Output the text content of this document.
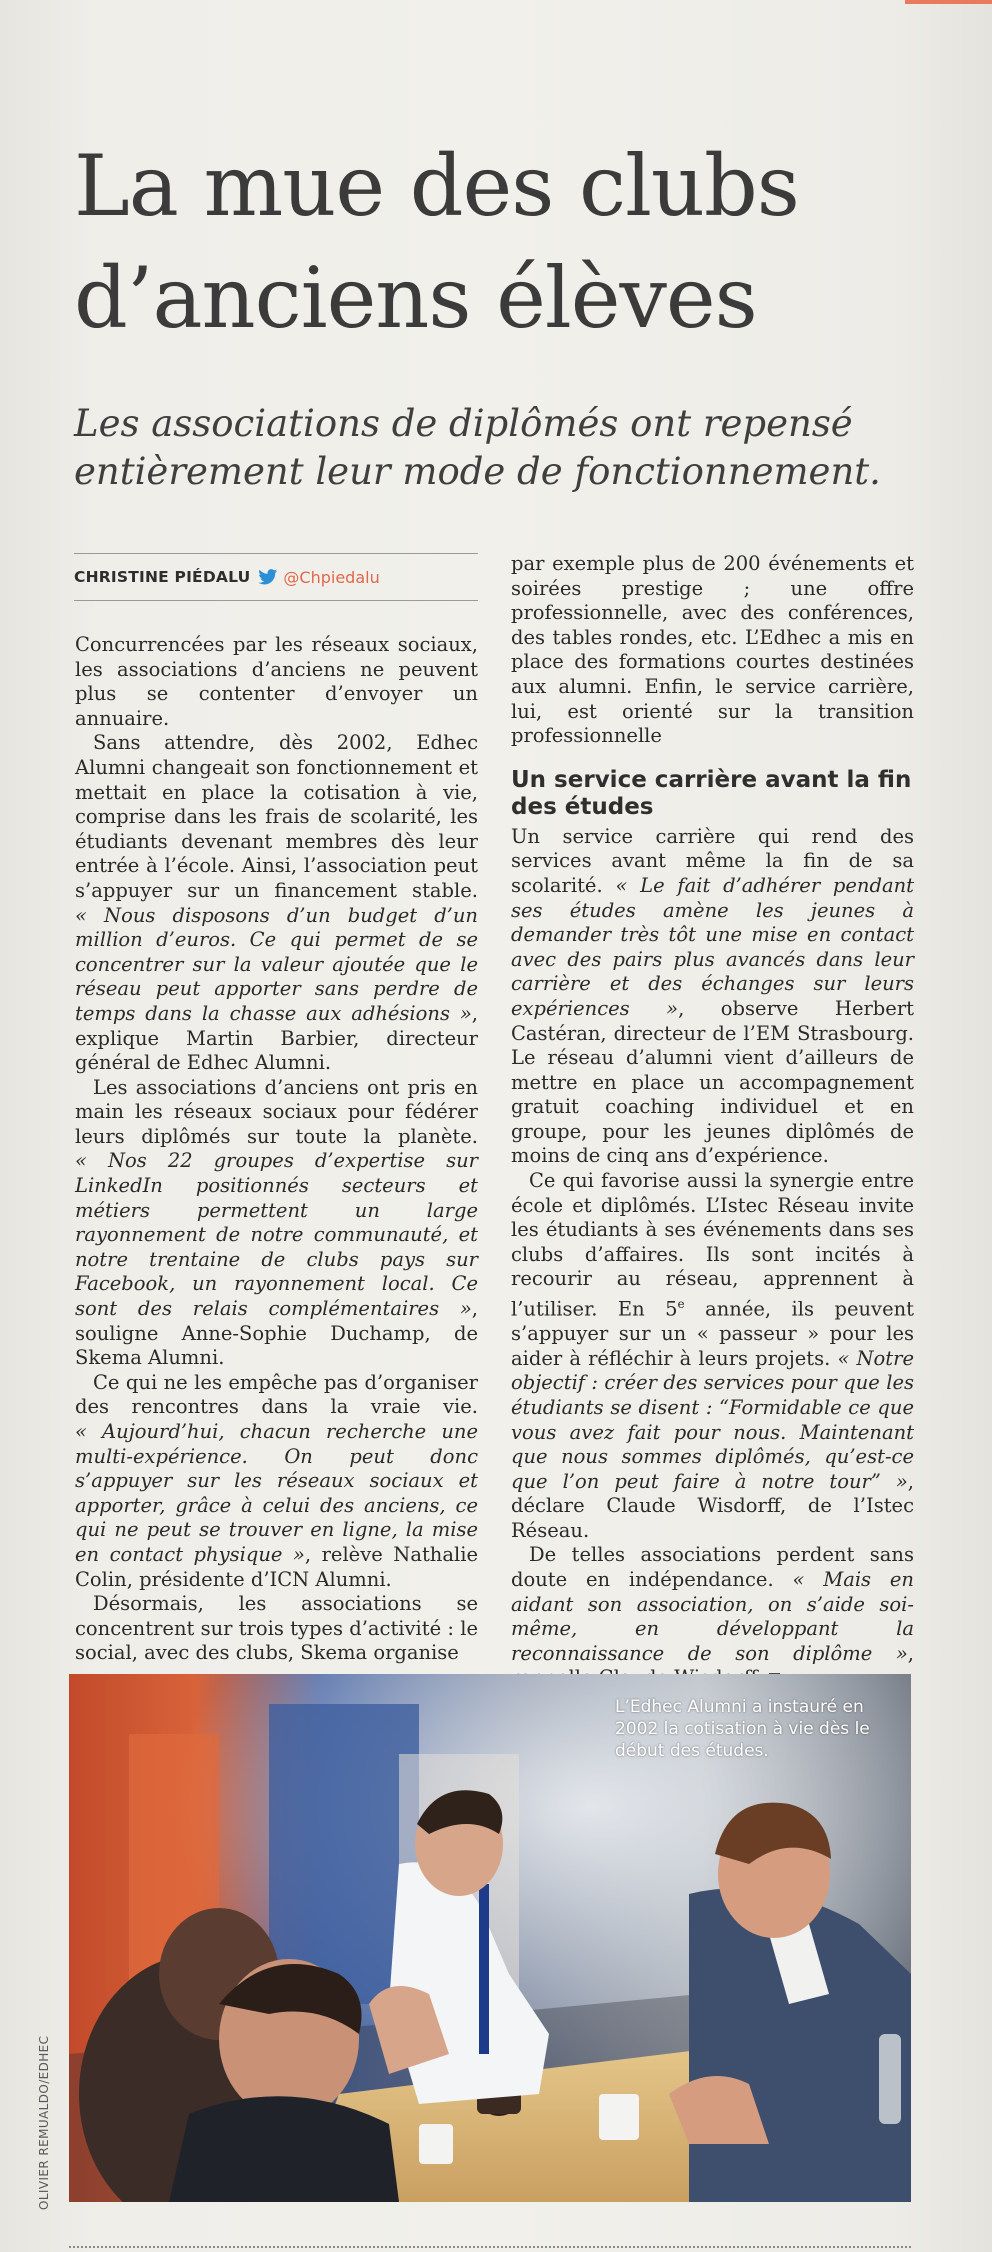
La mue des clubs d’anciens élèves

Les associations de diplômés ont repensé entièrement leur mode de fonctionnement.

CHRISTINE PIÉDALU @Chpiedalu

Concurrencées par les réseaux sociaux, les associations d’anciens ne peuvent plus se contenter d’envoyer un annuaire.

Sans attendre, dès 2002, Edhec Alumni changeait son fonctionnement et mettait en place la cotisation à vie, comprise dans les frais de scolarité, les étudiants devenant membres dès leur entrée à l’école. Ainsi, l’association peut s’appuyer sur un financement stable. « Nous disposons d’un budget d’un million d’euros. Ce qui permet de se concentrer sur la valeur ajoutée que le réseau peut apporter sans perdre de temps dans la chasse aux adhésions », explique Martin Barbier, directeur général de Edhec Alumni.

Les associations d’anciens ont pris en main les réseaux sociaux pour fédérer leurs diplômés sur toute la planète. « Nos 22 groupes d’expertise sur LinkedIn positionnés secteurs et métiers permettent un large rayonnement de notre communauté, et notre trentaine de clubs pays sur Facebook, un rayonnement local. Ce sont des relais complémentaires », souligne Anne-Sophie Duchamp, de Skema Alumni.

Ce qui ne les empêche pas d’organiser des rencontres dans la vraie vie. « Aujourd’hui, chacun recherche une multi-expérience. On peut donc s’appuyer sur les réseaux sociaux et apporter, grâce à celui des anciens, ce qui ne peut se trouver en ligne, la mise en contact physique », relève Nathalie Colin, présidente d’ICN Alumni.

Désormais, les associations se concentrent sur trois types d’activité : le social, avec des clubs, Skema organise

par exemple plus de 200 événements et soirées prestige ; une offre professionnelle, avec des conférences, des tables rondes, etc. L’Edhec a mis en place des formations courtes destinées aux alumni. Enfin, le service carrière, lui, est orienté sur la transition professionnelle

Un service carrière avant la fin des études

Un service carrière qui rend des services avant même la fin de sa scolarité. « Le fait d’adhérer pendant ses études amène les jeunes à demander très tôt une mise en contact avec des pairs plus avancés dans leur carrière et des échanges sur leurs expériences », observe Herbert Castéran, directeur de l’EM Strasbourg. Le réseau d’alumni vient d’ailleurs de mettre en place un accompagnement gratuit coaching individuel et en groupe, pour les jeunes diplômés de moins de cinq ans d’expérience.

Ce qui favorise aussi la synergie entre école et diplômés. L’Istec Réseau invite les étudiants à ses événements dans ses clubs d’affaires. Ils sont incités à recourir au réseau, apprennent à l’utiliser. En 5e année, ils peuvent s’appuyer sur un « passeur » pour les aider à réfléchir à leurs projets. « Notre objectif : créer des services pour que les étudiants se disent : “Formidable ce que vous avez fait pour nous. Maintenant que nous sommes diplômés, qu’est-ce que l’on peut faire à notre tour” », déclare Claude Wisdorff, de l’Istec Réseau.

De telles associations perdent sans doute en indépendance. « Mais en aidant son association, on s’aide soi-même, en développant la reconnaissance de son diplôme »,

L’Edhec Alumni a instauré en 2002 la cotisation à vie dès le début des études.
OLIVIER REMUALDO/EDHEC
